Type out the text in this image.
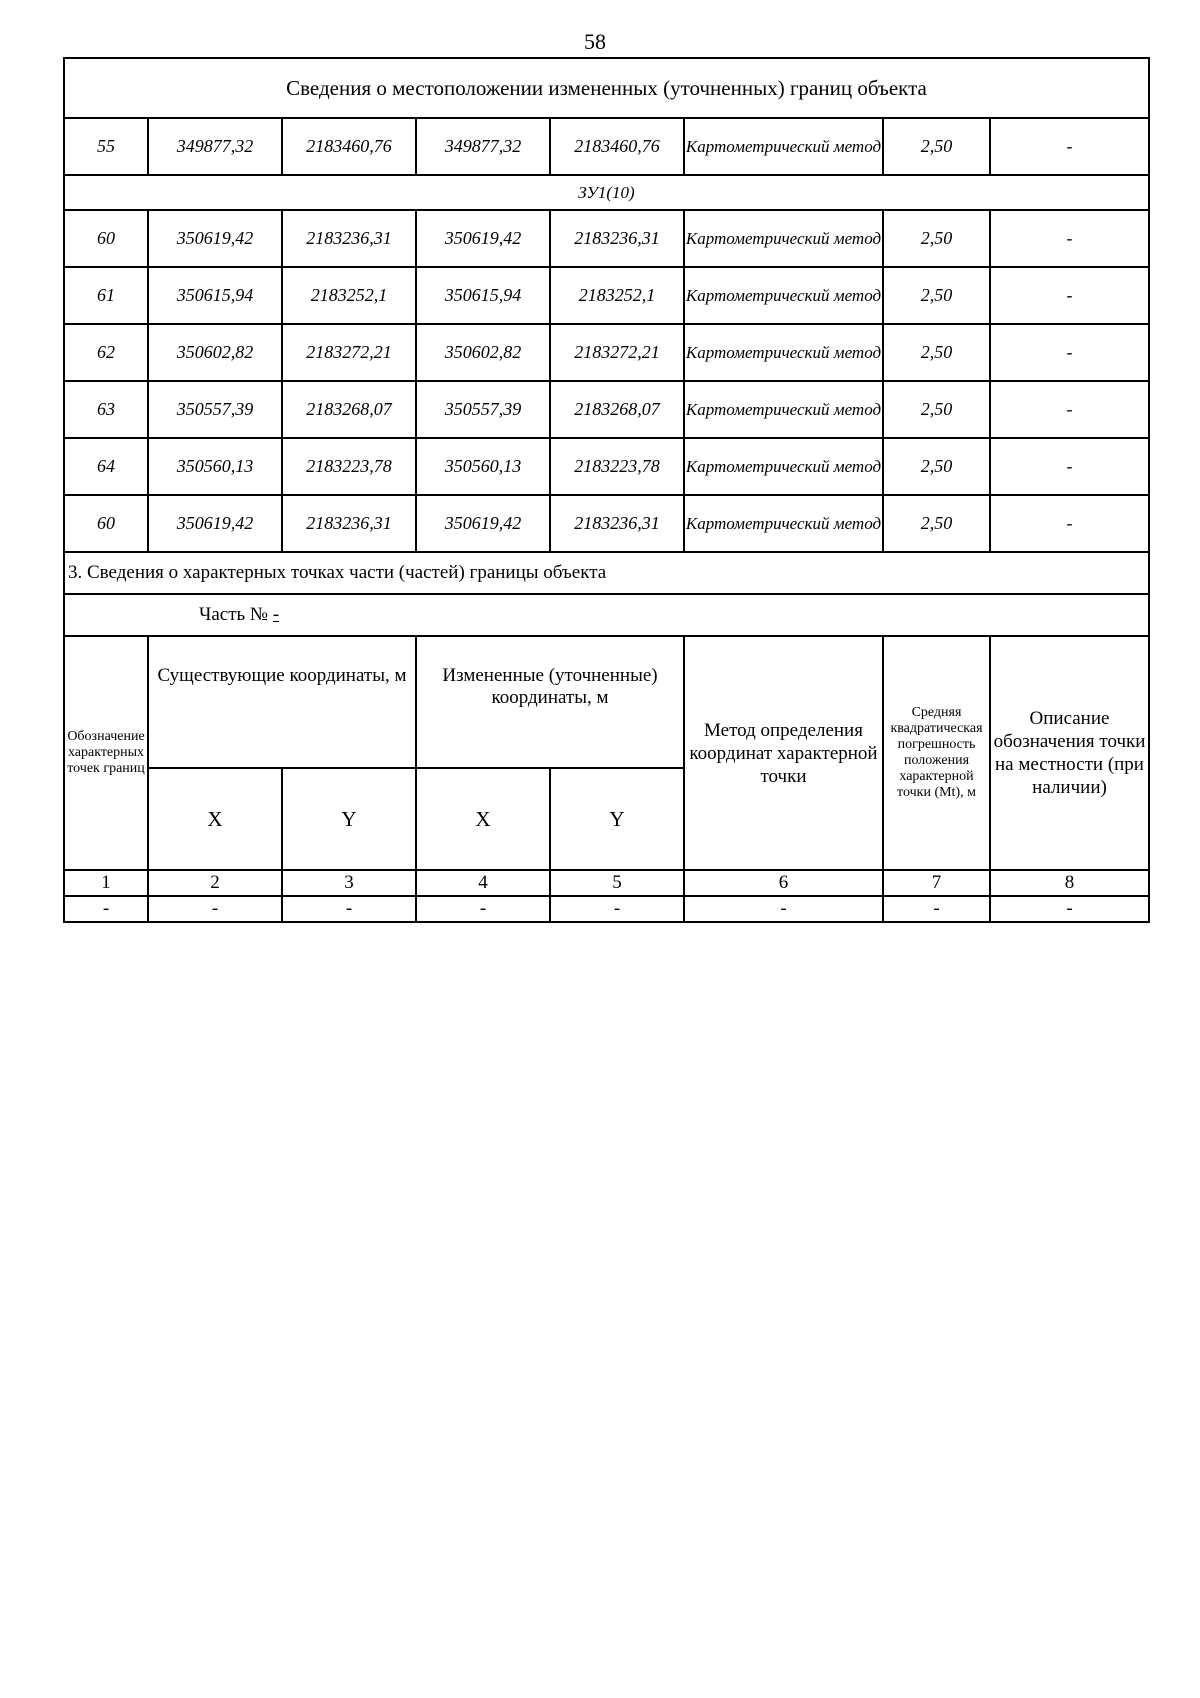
58
Сведения о местоположении измененных (уточненных) границ объекта							
55	349877,32	2183460,76	349877,32	2183460,76	Картометрический метод	2,50	-
ЗУ1(10)							
60	350619,42	2183236,31	350619,42	2183236,31	Картометрический метод	2,50	-
61	350615,94	2183252,1	350615,94	2183252,1	Картометрический метод	2,50	-
62	350602,82	2183272,21	350602,82	2183272,21	Картометрический метод	2,50	-
63	350557,39	2183268,07	350557,39	2183268,07	Картометрический метод	2,50	-
64	350560,13	2183223,78	350560,13	2183223,78	Картометрический метод	2,50	-
60	350619,42	2183236,31	350619,42	2183236,31	Картометрический метод	2,50	-
3. Сведения о характерных точках части (частей) границы объекта							
Часть № -							
Обозначение характерных точек границ	Существующие координаты, м		Измененные (уточненные) координаты, м		Метод определения координат характерной точки	Средняя квадратическая погрешность положения характерной точки (Mt), м	Описание обозначения точки на местности (при наличии)
	X	Y	X	Y			
1	2	3	4	5	6	7	8
-	-	-	-	-	-	-	-
